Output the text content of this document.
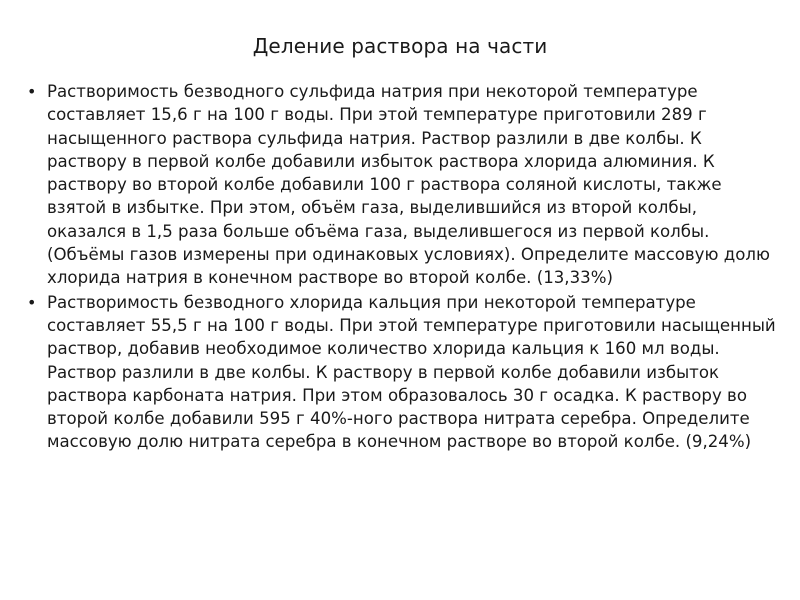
Деление раствора на части
• Растворимость безводного сульфида натрия при некоторой температуре составляет 15,6 г на 100 г воды. При этой температуре приготовили 289 г насыщенного раствора сульфида натрия. Раствор разлили в две колбы. К раствору в первой колбе добавили избыток раствора хлорида алюминия. К раствору во второй колбе добавили 100 г раствора соляной кислоты, также взятой в избытке. При этом, объём газа, выделившийся из второй колбы, оказался в 1,5 раза больше объёма газа, выделившегося из первой колбы. (Объёмы газов измерены при одинаковых условиях). Определите массовую долю хлорида натрия в конечном растворе во второй колбе. (13,33%)
• Растворимость безводного хлорида кальция при некоторой температуре составляет 55,5 г на 100 г воды. При этой температуре приготовили насыщенный раствор, добавив необходимое количество хлорида кальция к 160 мл воды. Раствор разлили в две колбы. К раствору в первой колбе добавили избыток раствора карбоната натрия. При этом образовалось 30 г осадка. К раствору во второй колбе добавили 595 г 40%-ного раствора нитрата серебра. Определите массовую долю нитрата серебра в конечном растворе во второй колбе. (9,24%)
